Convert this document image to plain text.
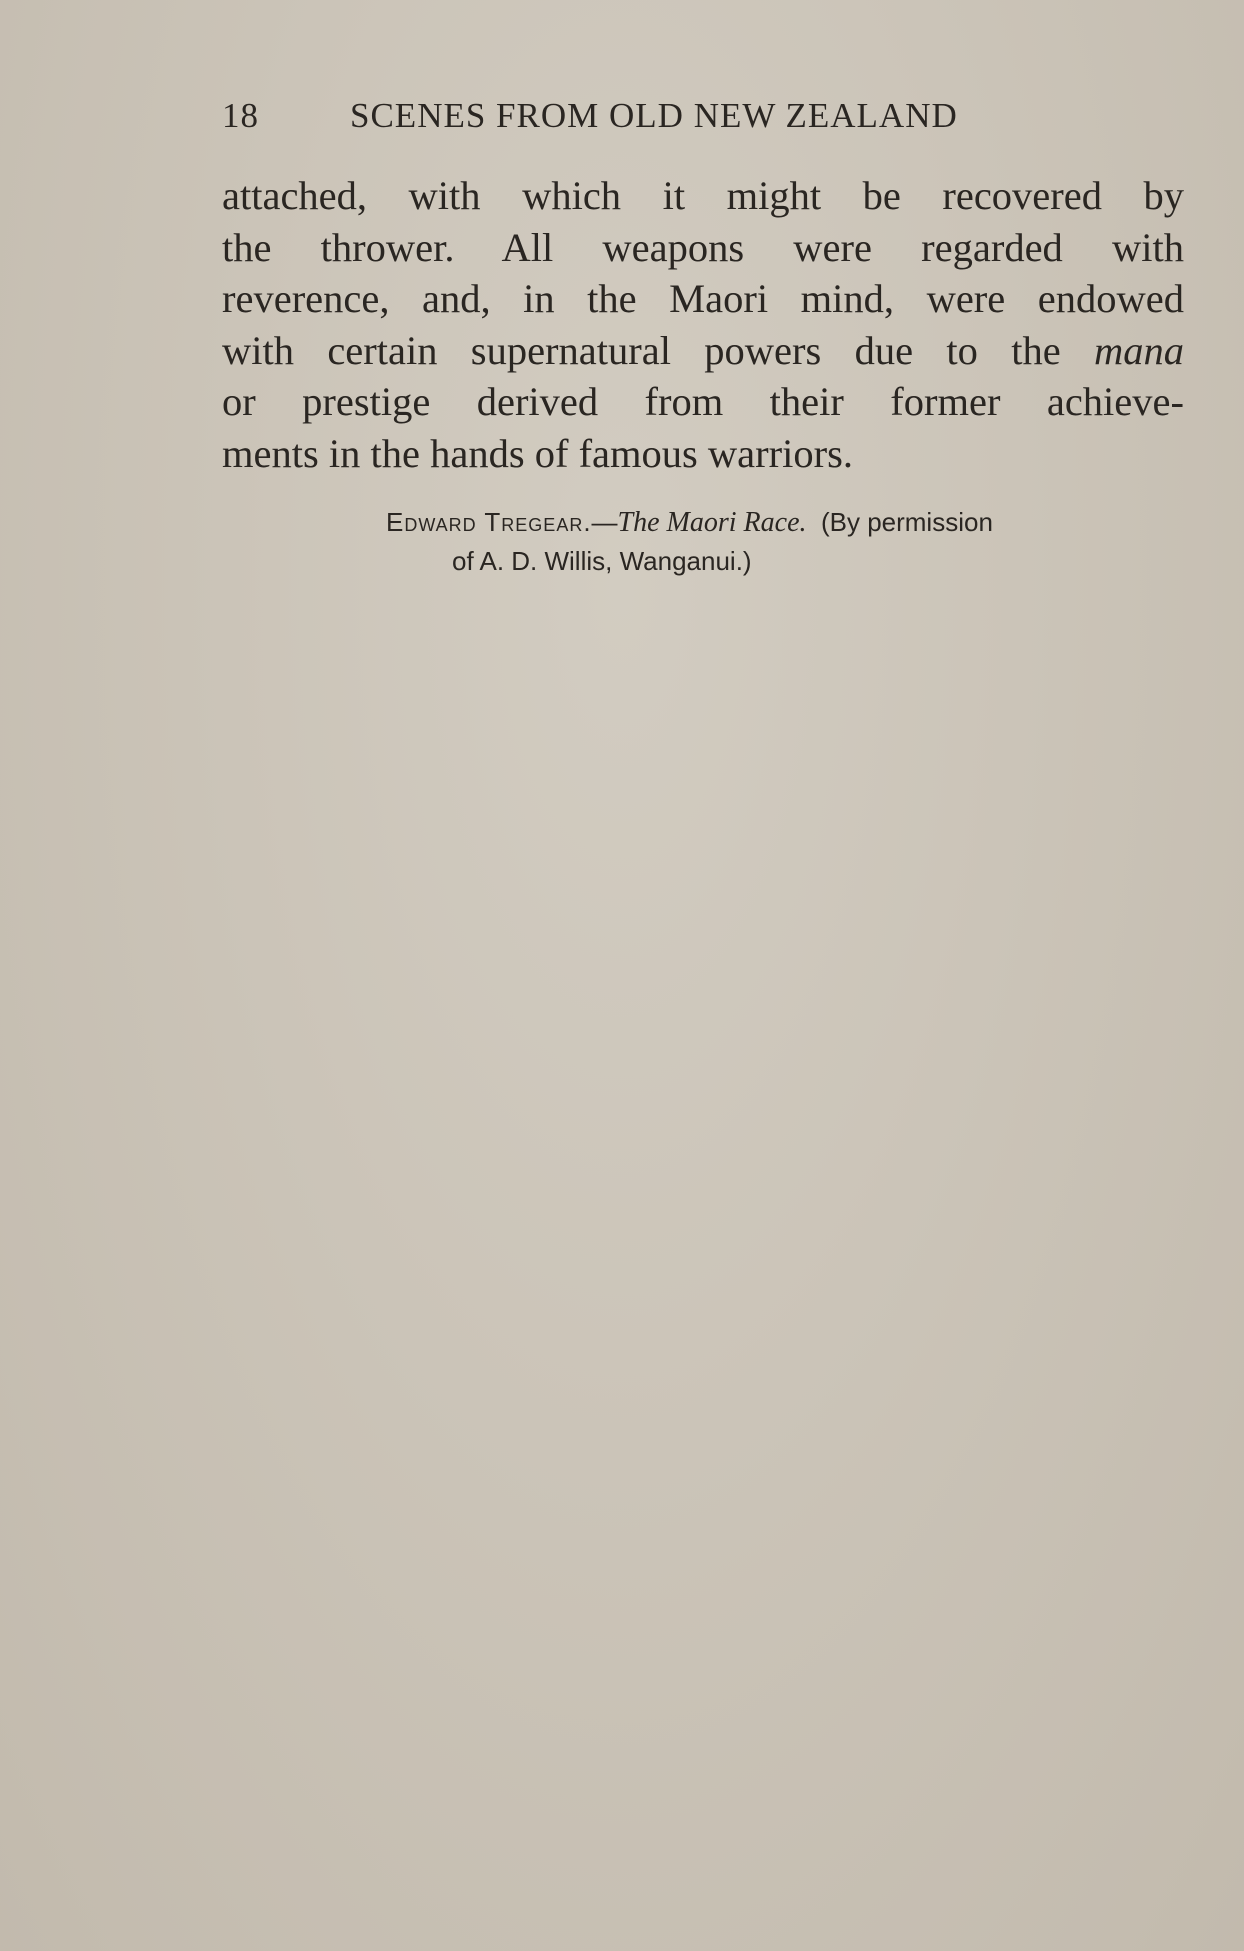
18	SCENES FROM OLD NEW ZEALAND
attached, with which it might be recovered by
the thrower. All weapons were regarded with
reverence, and, in the Maori mind, were endowed
with certain supernatural powers due to the mana
or prestige derived from their former achieve-
ments in the hands of famous warriors.
Edward Tregear.—The Maori Race. (By permission
of A. D. Willis, Wanganui.)
